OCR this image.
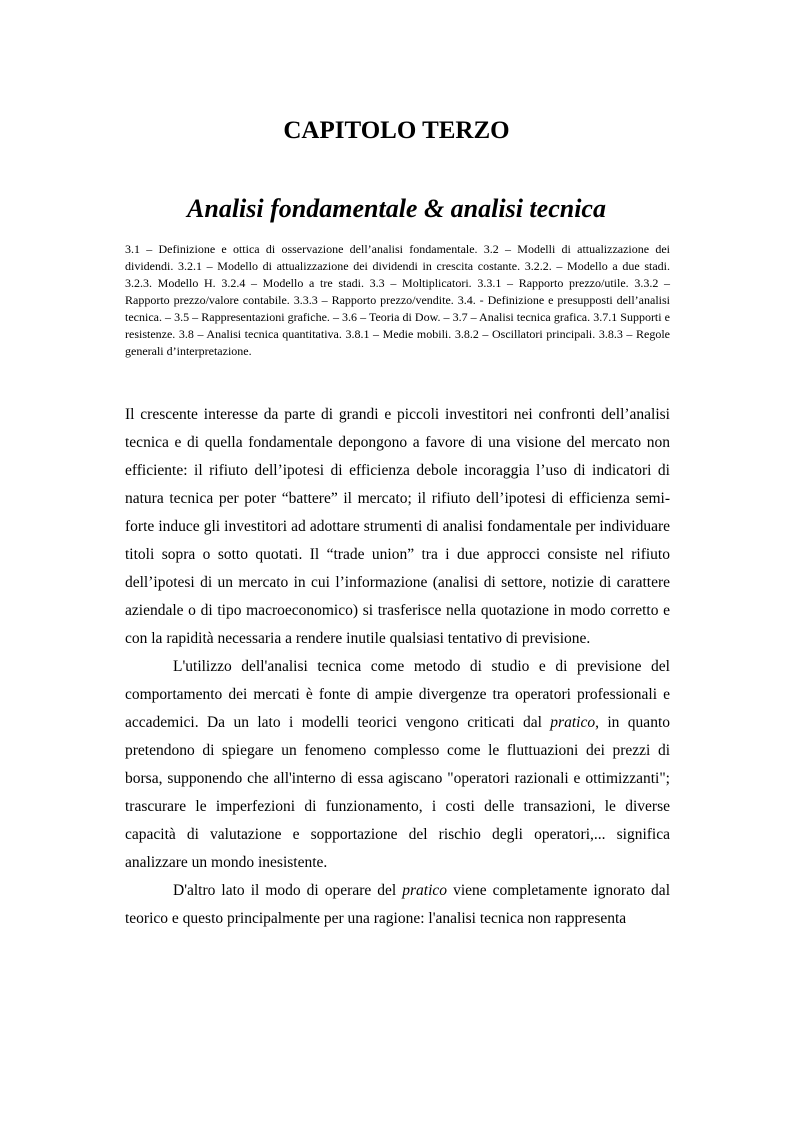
CAPITOLO TERZO
Analisi fondamentale & analisi tecnica

3.1 – Definizione e ottica di osservazione dell’analisi fondamentale. 3.2 – Modelli di attualizzazione dei dividendi. 3.2.1 – Modello di attualizzazione dei dividendi in crescita costante. 3.2.2. – Modello a due stadi. 3.2.3. Modello H. 3.2.4 – Modello a tre stadi. 3.3 – Moltiplicatori. 3.3.1 – Rapporto prezzo/utile. 3.3.2 – Rapporto prezzo/valore contabile. 3.3.3 – Rapporto prezzo/vendite. 3.4. - Definizione e presupposti dell’analisi tecnica. – 3.5 – Rappresentazioni grafiche. – 3.6 – Teoria di Dow. – 3.7 – Analisi tecnica grafica. 3.7.1 Supporti e resistenze. 3.8 – Analisi tecnica quantitativa. 3.8.1 – Medie mobili. 3.8.2 – Oscillatori principali. 3.8.3 – Regole generali d’interpretazione.

Il crescente interesse da parte di grandi e piccoli investitori nei confronti dell’analisi tecnica e di quella fondamentale depongono a favore di una visione del mercato non efficiente: il rifiuto dell’ipotesi di efficienza debole incoraggia l’uso di indicatori di natura tecnica per poter “battere” il mercato; il rifiuto dell’ipotesi di efficienza semi-forte induce gli investitori ad adottare strumenti di analisi fondamentale per individuare titoli sopra o sotto quotati. Il “trade union” tra i due approcci consiste nel rifiuto dell’ipotesi di un mercato in cui l’informazione (analisi di settore, notizie di carattere aziendale o di tipo macroeconomico) si trasferisce nella quotazione in modo corretto e con la rapidità necessaria a rendere inutile qualsiasi tentativo di previsione.

L'utilizzo dell'analisi tecnica come metodo di studio e di previsione del comportamento dei mercati è fonte di ampie divergenze tra operatori professionali e accademici. Da un lato i modelli teorici vengono criticati dal pratico, in quanto pretendono di spiegare un fenomeno complesso come le fluttuazioni dei prezzi di borsa, supponendo che all'interno di essa agiscano "operatori razionali e ottimizzanti"; trascurare le imperfezioni di funzionamento, i costi delle transazioni, le diverse capacità di valutazione e sopportazione del rischio degli operatori,... significa analizzare un mondo inesistente.

D'altro lato il modo di operare del pratico viene completamente ignorato dal teorico e questo principalmente per una ragione: l'analisi tecnica non rappresenta
